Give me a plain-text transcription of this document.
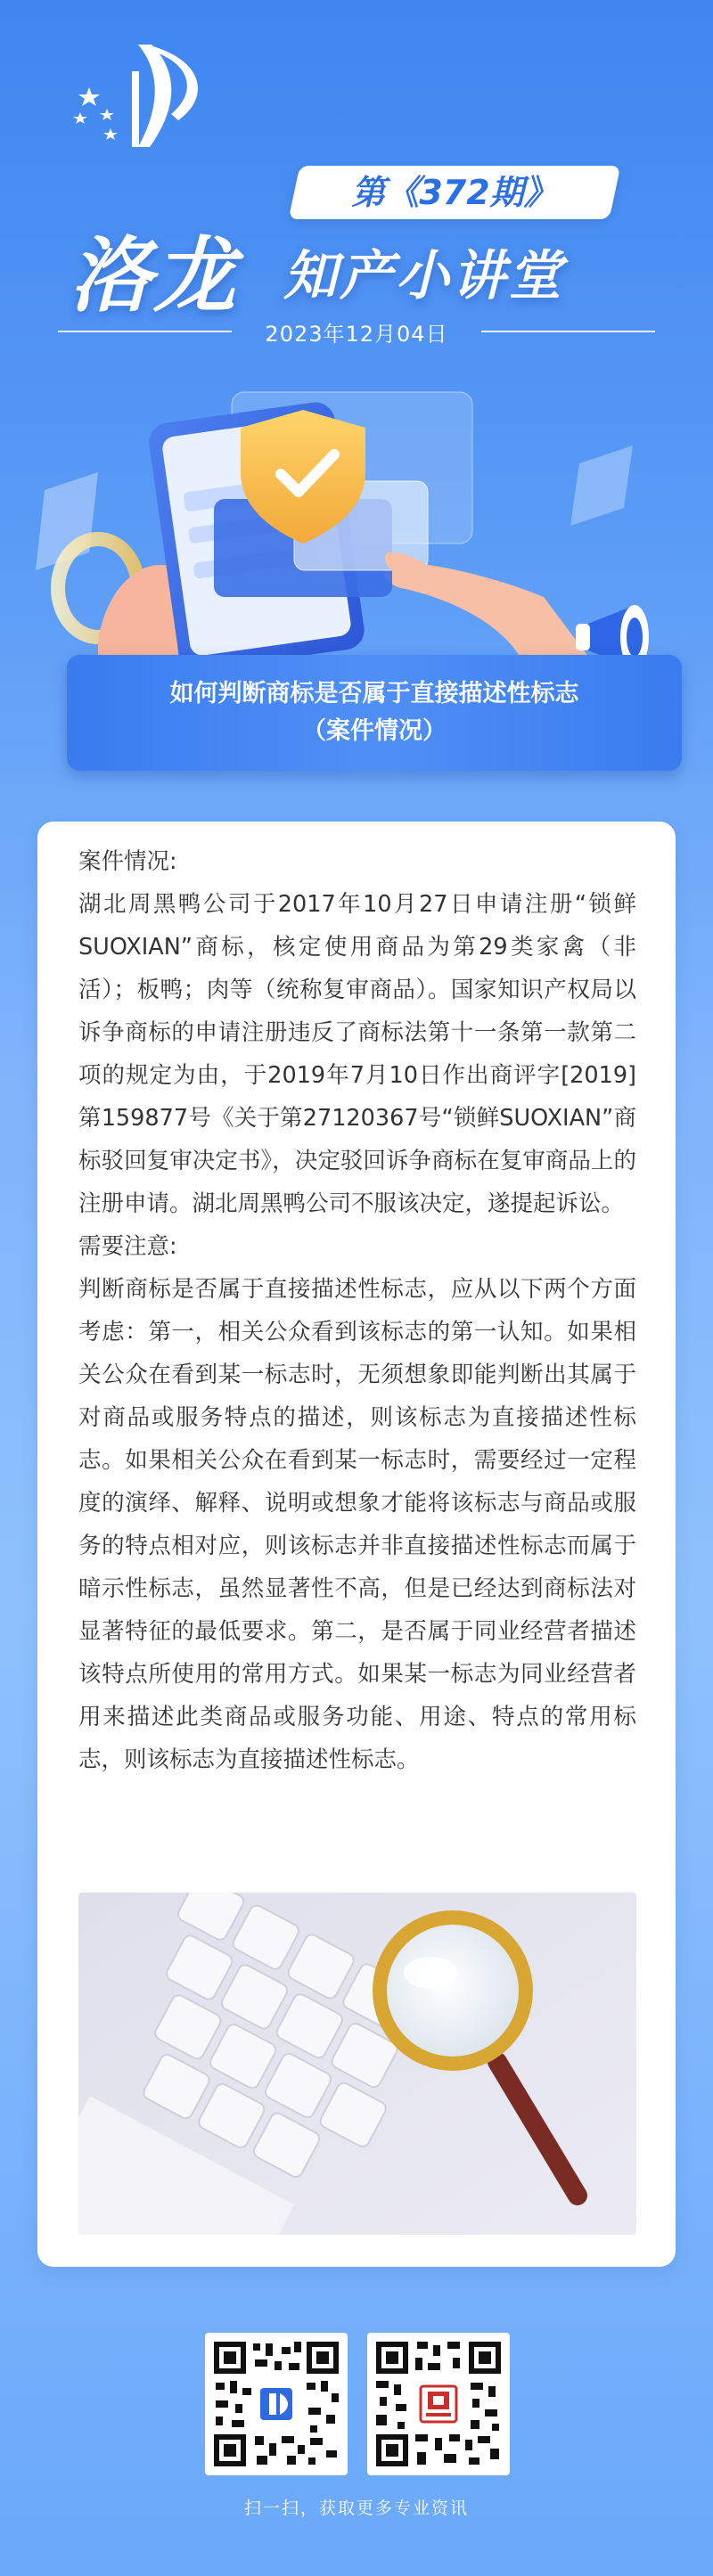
第《372期》
洛龙 知产小讲堂
2023年12月04日
如何判断商标是否属于直接描述性标志
（案件情况）

案件情况:

湖北周黑鸭公司于2017年10月27日申请注册“锁鲜SUOXIAN”商标，核定使用商品为第29类家禽（非活）；板鸭；肉等（统称复审商品）。国家知识产权局以诉争商标的申请注册违反了商标法第十一条第一款第二项的规定为由，于2019年7月10日作出商评字[2019]第159877号《关于第27120367号“锁鲜SUOXIAN”商标驳回复审决定书》，决定驳回诉争商标在复审商品上的注册申请。湖北周黑鸭公司不服该决定，遂提起诉讼。

需要注意:

判断商标是否属于直接描述性标志，应从以下两个方面考虑：第一，相关公众看到该标志的第一认知。如果相关公众在看到某一标志时，无须想象即能判断出其属于对商品或服务特点的描述，则该标志为直接描述性标志。如果相关公众在看到某一标志时，需要经过一定程度的演绎、解释、说明或想象才能将该标志与商品或服务的特点相对应，则该标志并非直接描述性标志而属于暗示性标志，虽然显著性不高，但是已经达到商标法对显著特征的最低要求。第二，是否属于同业经营者描述该特点所使用的常用方式。如果某一标志为同业经营者用来描述此类商品或服务功能、用途、特点的常用标志，则该标志为直接描述性标志。

扫一扫，获取更多专业资讯
